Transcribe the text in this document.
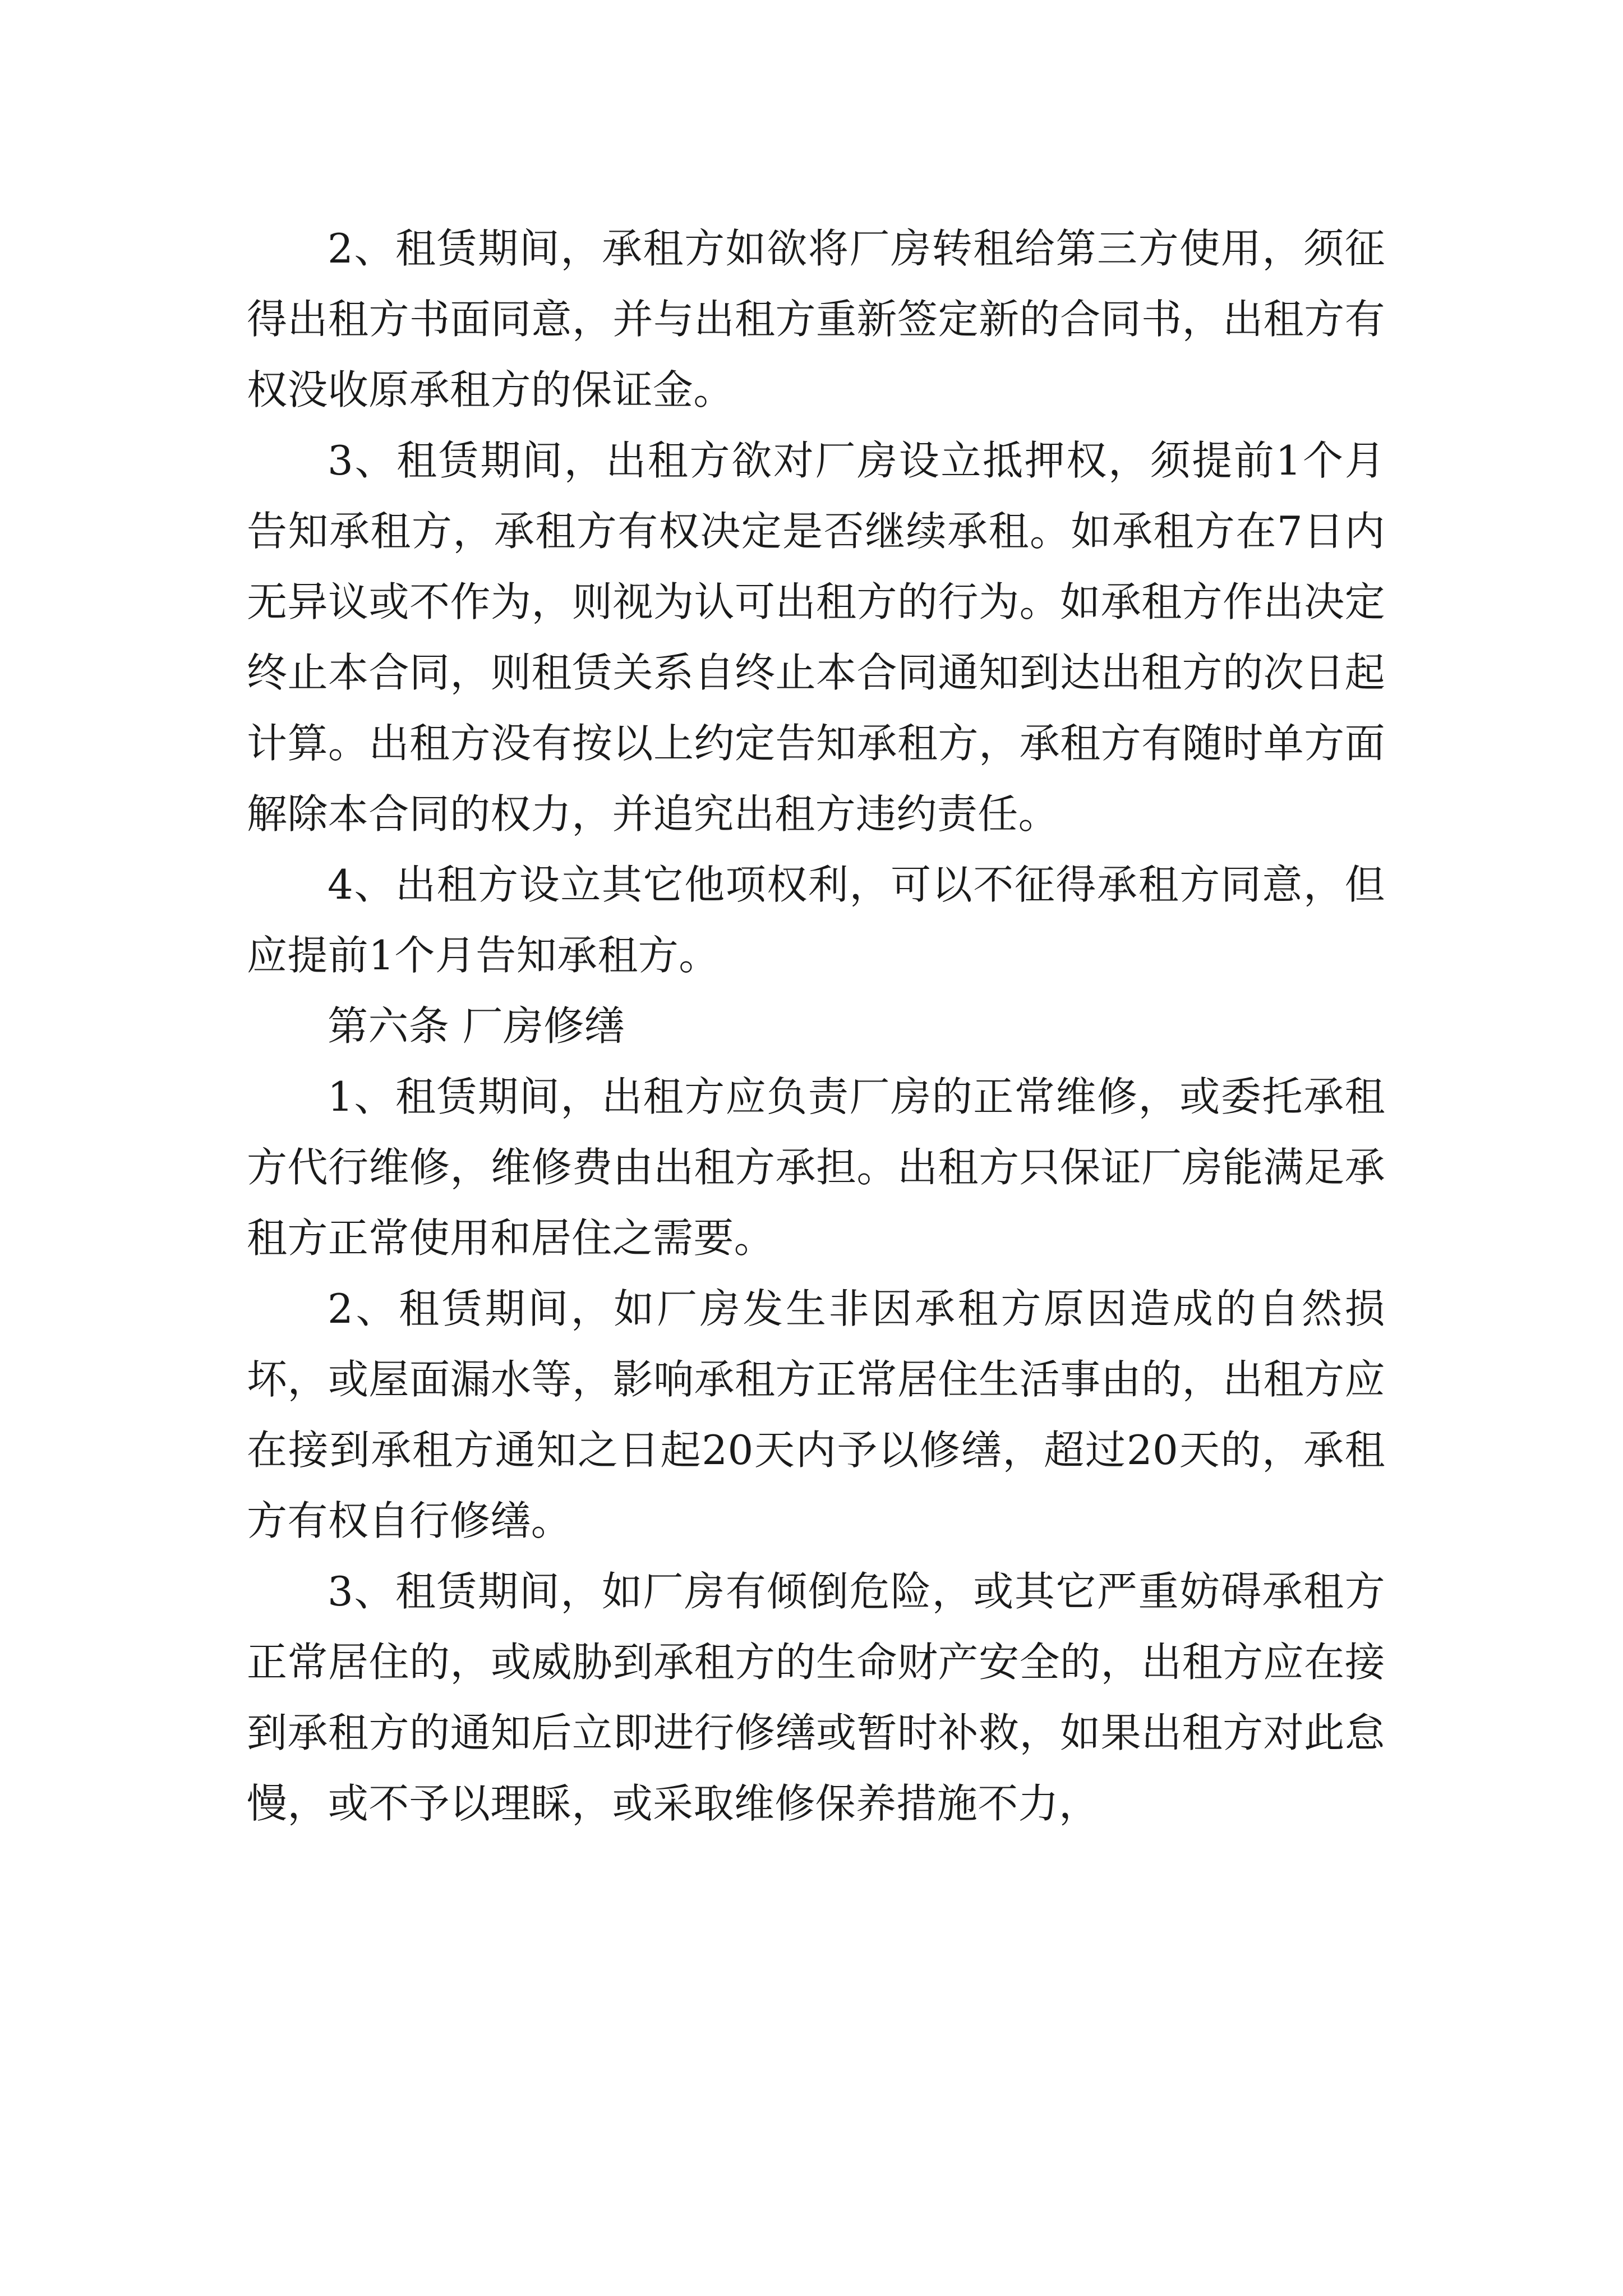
2、租赁期间，承租方如欲将厂房转租给第三方使用，须征得出租方书面同意，并与出租方重新签定新的合同书，出租方有权没收原承租方的保证金。

3、租赁期间，出租方欲对厂房设立抵押权，须提前1个月告知承租方，承租方有权决定是否继续承租。如承租方在7日内无异议或不作为，则视为认可出租方的行为。如承租方作出决定终止本合同，则租赁关系自终止本合同通知到达出租方的次日起计算。出租方没有按以上约定告知承租方，承租方有随时单方面解除本合同的权力，并追究出租方违约责任。

4、出租方设立其它他项权利，可以不征得承租方同意，但应提前1个月告知承租方。

第六条 厂房修缮

1、租赁期间，出租方应负责厂房的正常维修，或委托承租方代行维修，维修费由出租方承担。出租方只保证厂房能满足承租方正常使用和居住之需要。

2、租赁期间，如厂房发生非因承租方原因造成的自然损坏，或屋面漏水等，影响承租方正常居住生活事由的，出租方应在接到承租方通知之日起20天内予以修缮，超过20天的，承租方有权自行修缮。

3、租赁期间，如厂房有倾倒危险，或其它严重妨碍承租方正常居住的，或威胁到承租方的生命财产安全的，出租方应在接到承租方的通知后立即进行修缮或暂时补救，如果出租方对此怠慢，或不予以理睬，或采取维修保养措施不力，
